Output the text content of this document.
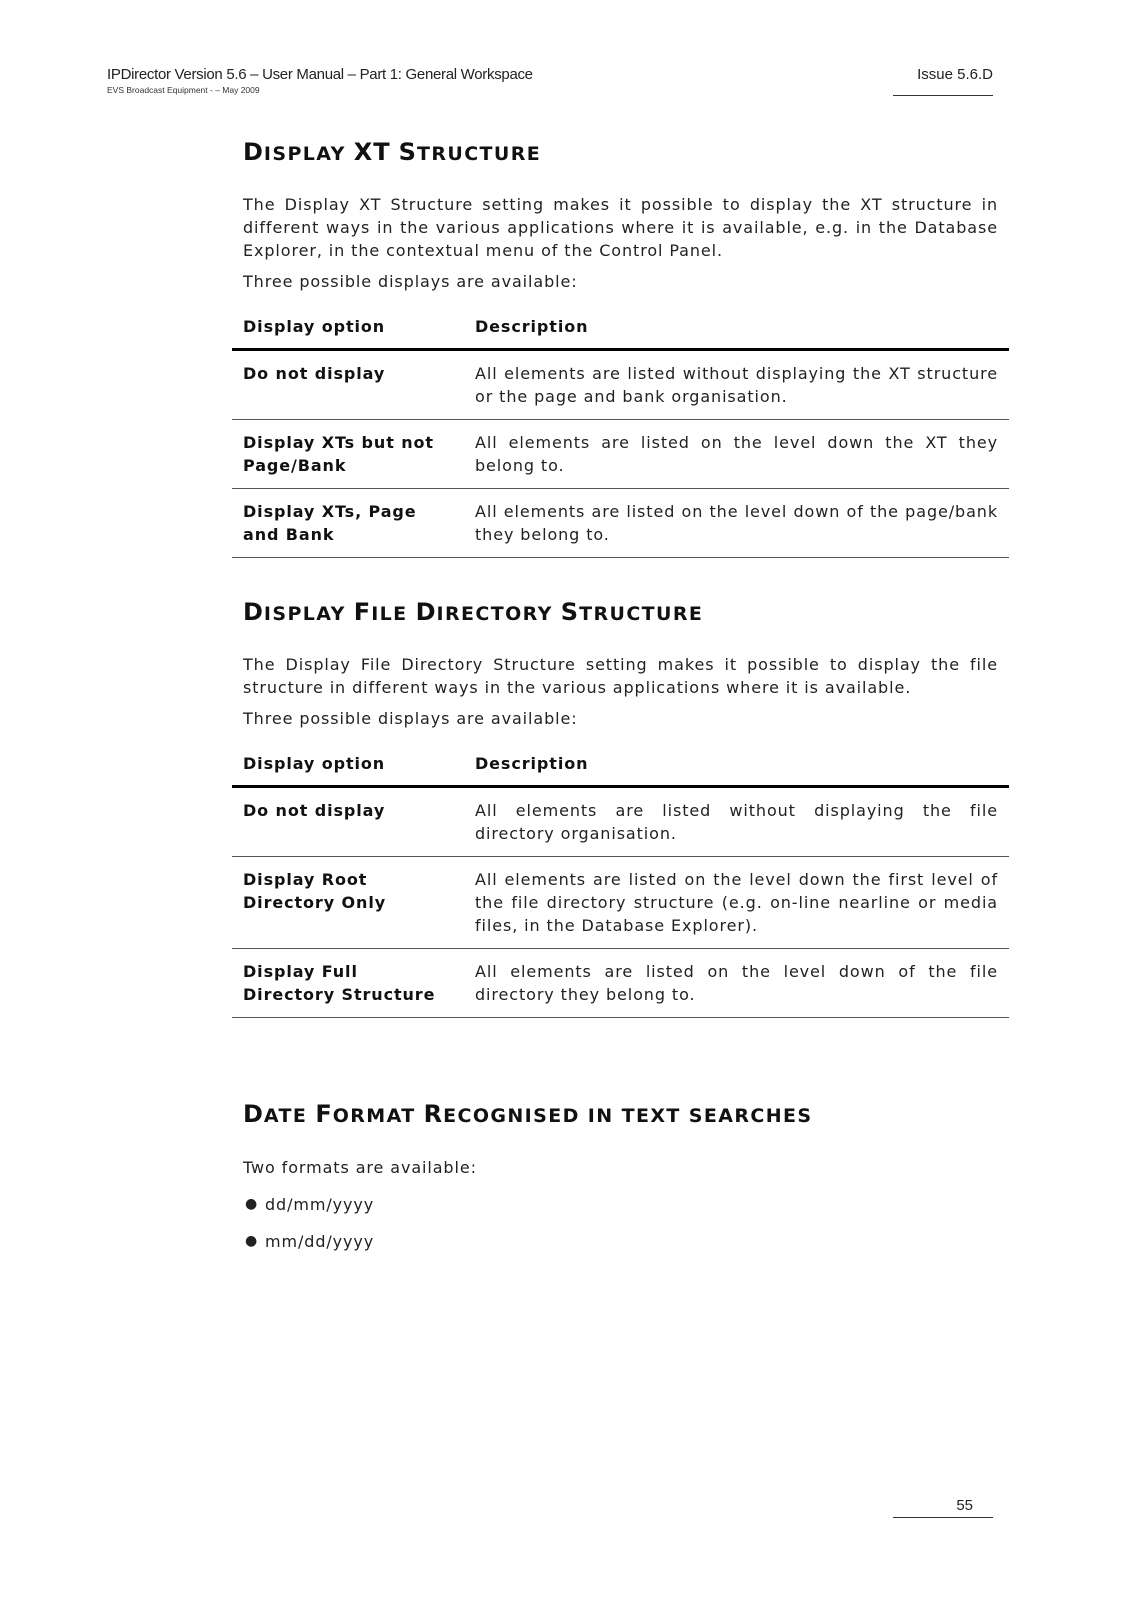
IPDirector Version 5.6 – User Manual – Part 1: General Workspace
EVS Broadcast Equipment - – May 2009
Issue 5.6.D
DISPLAY XT STRUCTURE

The Display XT Structure setting makes it possible to display the XT structure in different ways in the various applications where it is available, e.g. in the Database Explorer, in the contextual menu of the Control Panel.

Three possible displays are available:

Display option	Description
Do not display	All elements are listed without displaying the XT structure or the page and bank organisation.
Display XTs but not Page/Bank	All elements are listed on the level down the XT they belong to.
Display XTs, Page and Bank	All elements are listed on the level down of the page/bank they belong to.
DISPLAY FILE DIRECTORY STRUCTURE

The Display File Directory Structure setting makes it possible to display the file structure in different ways in the various applications where it is available.

Three possible displays are available:

Display option	Description
Do not display	All elements are listed without displaying the file directory organisation.
Display Root Directory Only	All elements are listed on the level down the first level of the file directory structure (e.g. on-line nearline or media files, in the Database Explorer).
Display Full Directory Structure	All elements are listed on the level down of the file directory they belong to.
DATE FORMAT RECOGNISED IN TEXT SEARCHES

Two formats are available:

● dd/mm/yyyy
● mm/dd/yyyy
55
